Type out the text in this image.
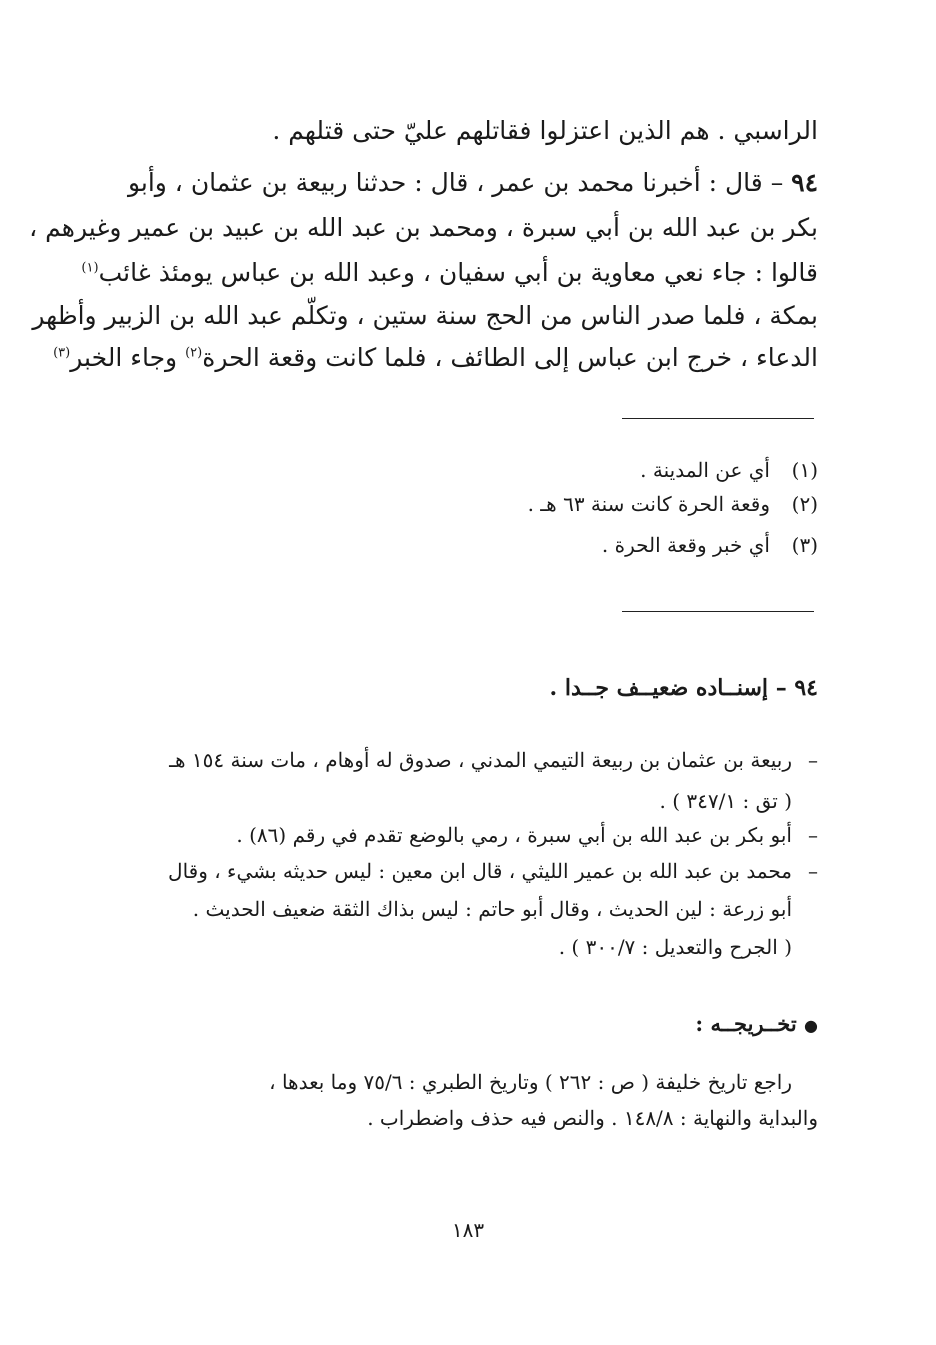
الراسبي . هم الذين اعتزلوا فقاتلهم عليّ حتى قتلهم .
٩٤ – قال : أخبرنا محمد بن عمر ، قال : حدثنا ربيعة بن عثمان ، وأبو
بكر بن عبد الله بن أبي سبرة ، ومحمد بن عبد الله بن عبيد بن عمير وغيرهم ،
قالوا : جاء نعي معاوية بن أبي سفيان ، وعبد الله بن عباس يومئذ غائب$^{(١)}$
بمكة ، فلما صدر الناس من الحج سنة ستين ، وتكلّم عبد الله بن الزبير وأظهر
الدعاء ، خرج ابن عباس إلى الطائف ، فلما كانت وقعة الحرة$^{(٢)}$ وجاء الخبر$^{(٣)}$
(١)أي عن المدينة .
(٢)وقعة الحرة كانت سنة ٦٣ هـ .
(٣)أي خبر وقعة الحرة .
٩٤ – إسنــاده ضعيــف جــدا .
–ربيعة بن عثمان بن ربيعة التيمي المدني ، صدوق له أوهام ، مات سنة ١٥٤ هـ
( تق : ٣٤٧/١ ) .
–أبو بكر بن عبد الله بن أبي سبرة ، رمي بالوضع تقدم في رقم (٨٦) .
–محمد بن عبد الله بن عمير الليثي ، قال ابن معين : ليس حديثه بشيء ، وقال
أبو زرعة : لين الحديث ، وقال أبو حاتم : ليس بذاك الثقة ضعيف الحديث .
( الجرح والتعديل : ٣٠٠/٧ ) .
● تخــريجــه :
راجع تاريخ خليفة ( ص : ٢٦٢ ) وتاريخ الطبري : ٧٥/٦ وما بعدها ،
والبداية والنهاية : ١٤٨/٨ . والنص فيه حذف واضطراب .
١٨٣
